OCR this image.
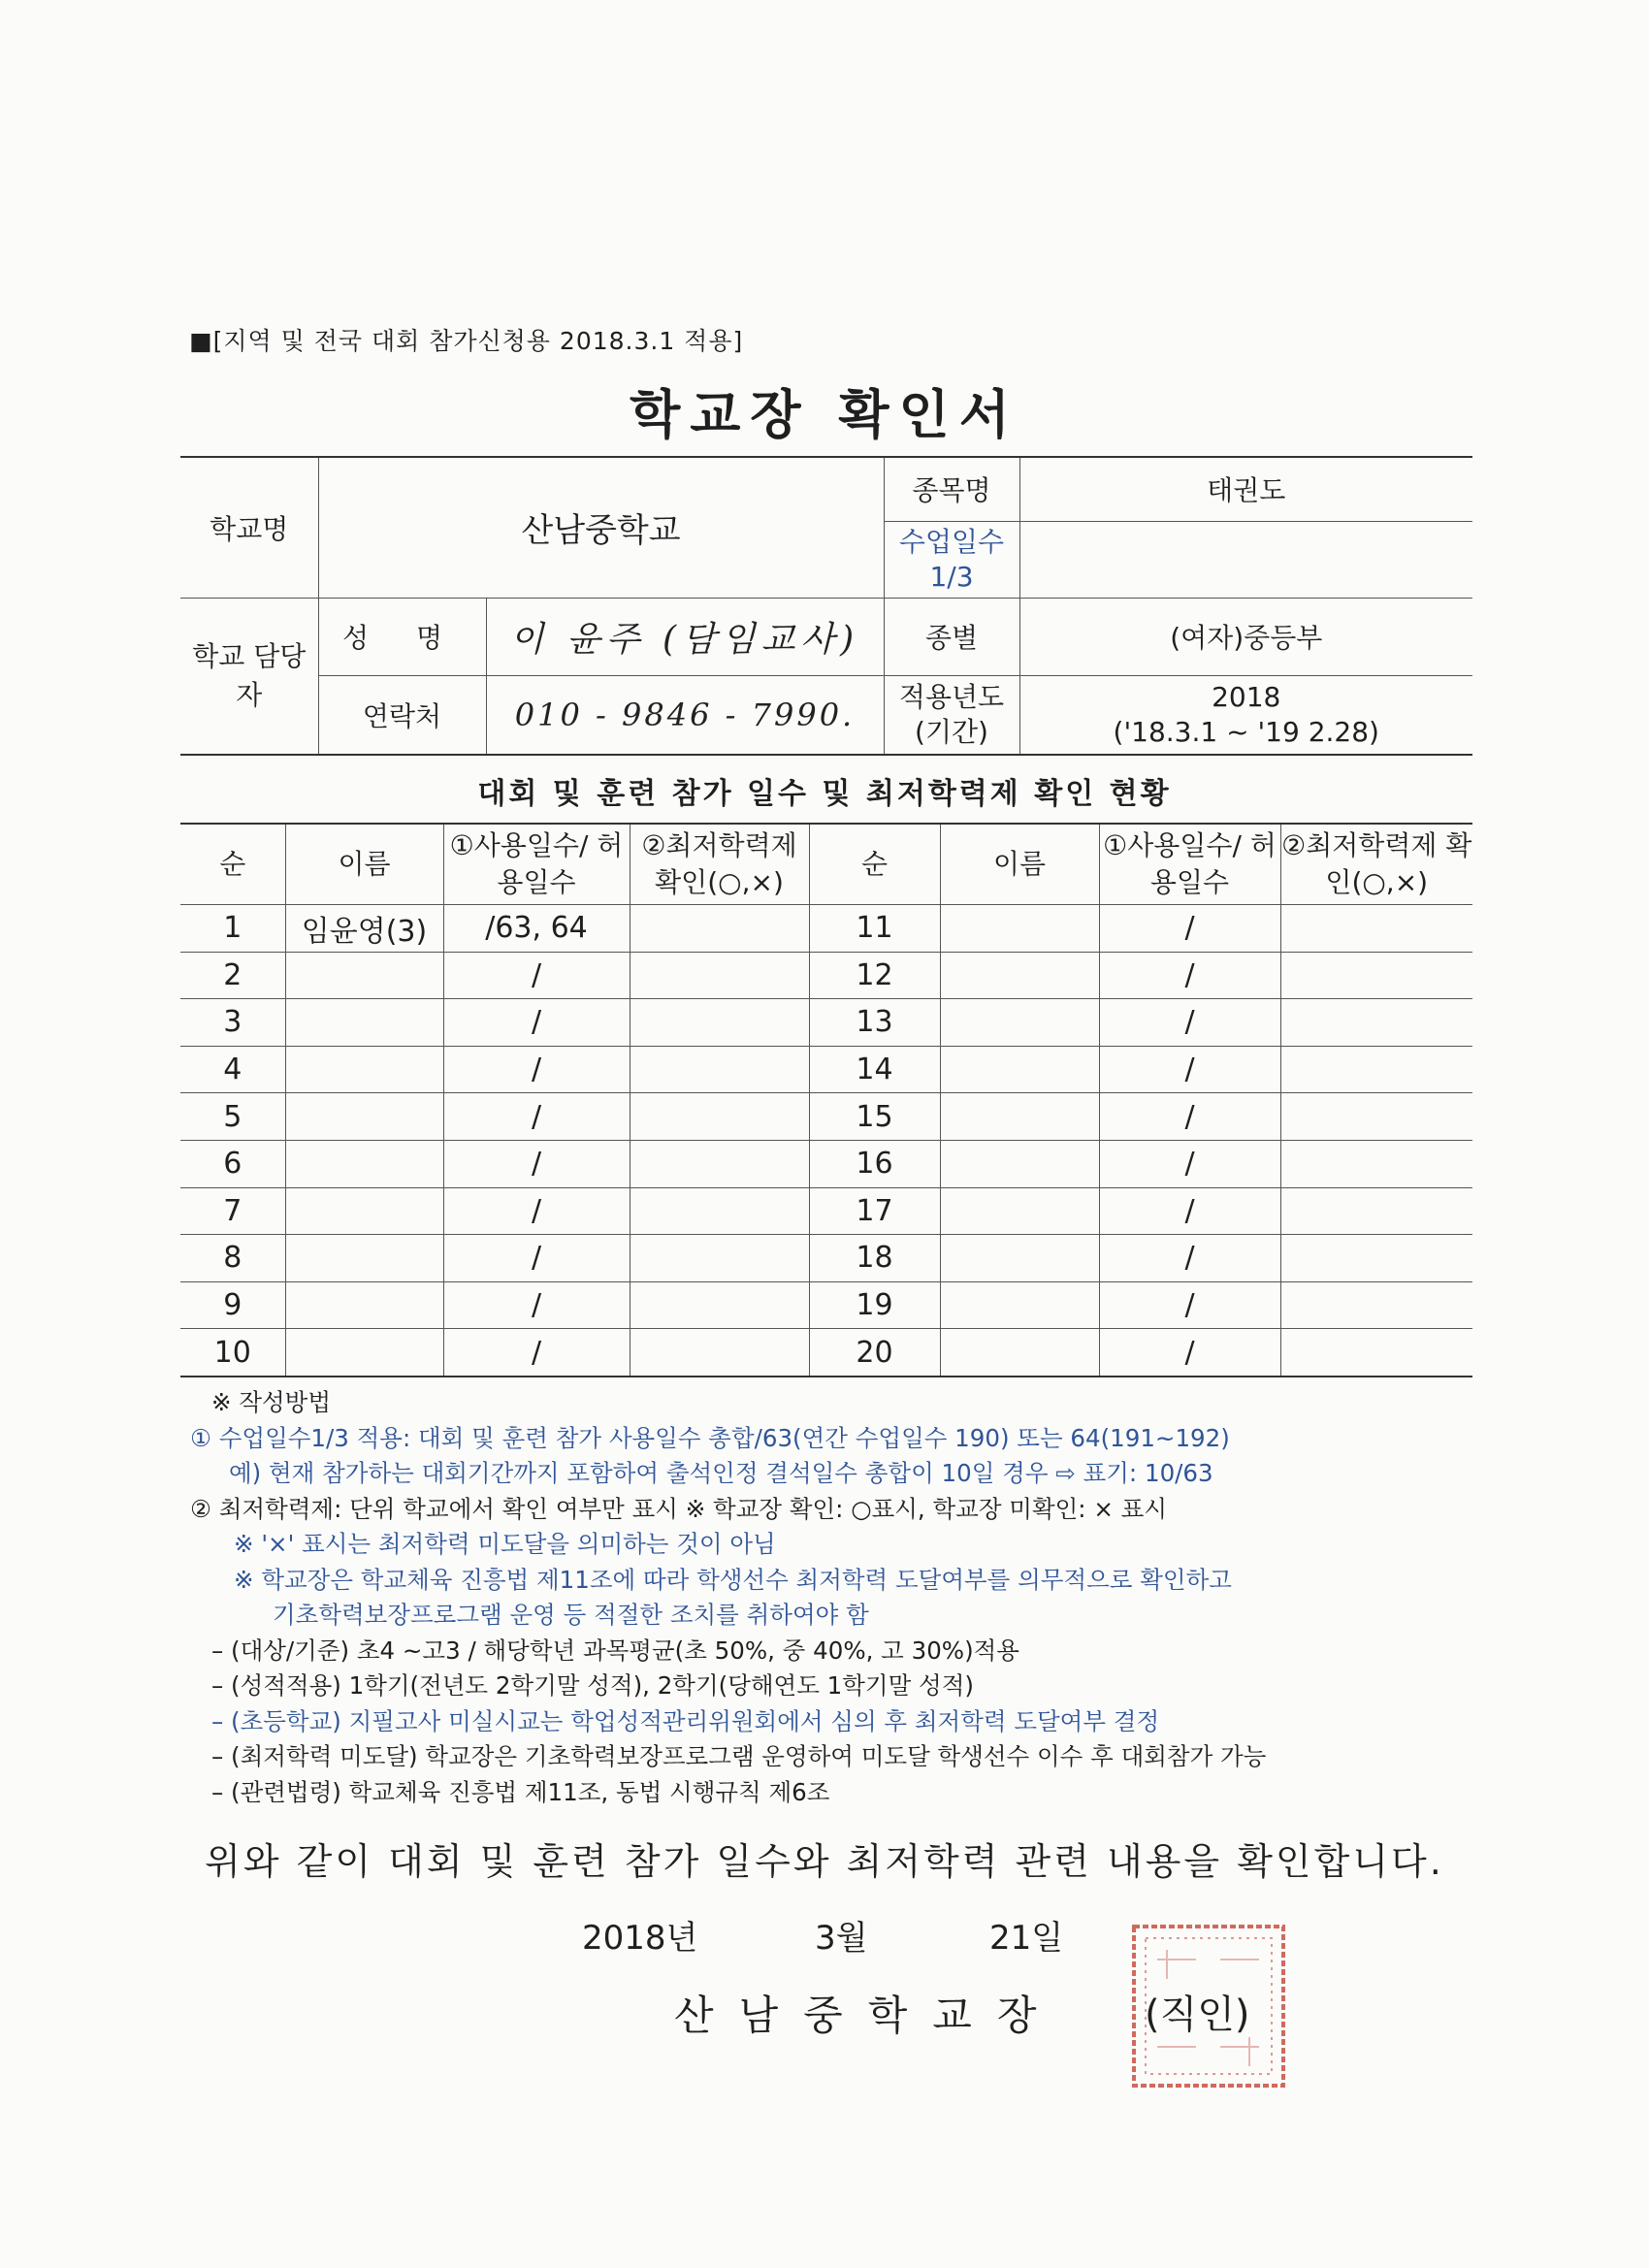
■[지역 및 전국 대회 참가신청용 2018.3.1 적용]
학교장 확인서
학교명	산남중학교		종목명	태권도
			수업일수 1/3	
학교 담당자	성 명	이 윤주 (담임교사)	종별	(여자)중등부
	연락처	010 - 9846 - 7990.	적용년도 (기간)	2018
('18.3.1 ~ '19 2.28)
대회 및 훈련 참가 일수 및 최저학력제 확인 현황
순	이름	①사용일수/ 허용일수	②최저학력제 확인(○,×)	순	이름	①사용일수/ 허용일수	②최저학력제 확인(○,×)
1	임윤영(3)	/63, 64		11		/	
2		/		12		/	
3		/		13		/	
4		/		14		/	
5		/		15		/	
6		/		16		/	
7		/		17		/	
8		/		18		/	
9		/		19		/	
10		/		20		/	
※ 작성방법
① 수업일수1/3 적용: 대회 및 훈련 참가 사용일수 총합/63(연간 수업일수 190) 또는 64(191~192)
예) 현재 참가하는 대회기간까지 포함하여 출석인정 결석일수 총합이 10일 경우 ⇨ 표기: 10/63
② 최저학력제: 단위 학교에서 확인 여부만 표시 ※ 학교장 확인: ○표시, 학교장 미확인: × 표시
※ '×' 표시는 최저학력 미도달을 의미하는 것이 아님
※ 학교장은 학교체육 진흥법 제11조에 따라 학생선수 최저학력 도달여부를 의무적으로 확인하고
기초학력보장프로그램 운영 등 적절한 조치를 취하여야 함
– (대상/기준) 초4 ~고3 / 해당학년 과목평균(초 50%, 중 40%, 고 30%)적용
– (성적적용) 1학기(전년도 2학기말 성적), 2학기(당해연도 1학기말 성적)
– (초등학교) 지필고사 미실시교는 학업성적관리위원회에서 심의 후 최저학력 도달여부 결정
– (최저학력 미도달) 학교장은 기초학력보장프로그램 운영하여 미도달 학생선수 이수 후 대회참가 가능
– (관련법령) 학교체육 진흥법 제11조, 동법 시행규칙 제6조
위와 같이 대회 및 훈련 참가 일수와 최저학력 관련 내용을 확인합니다.
2018년	3월	21일
산남중학교장 (직인)
